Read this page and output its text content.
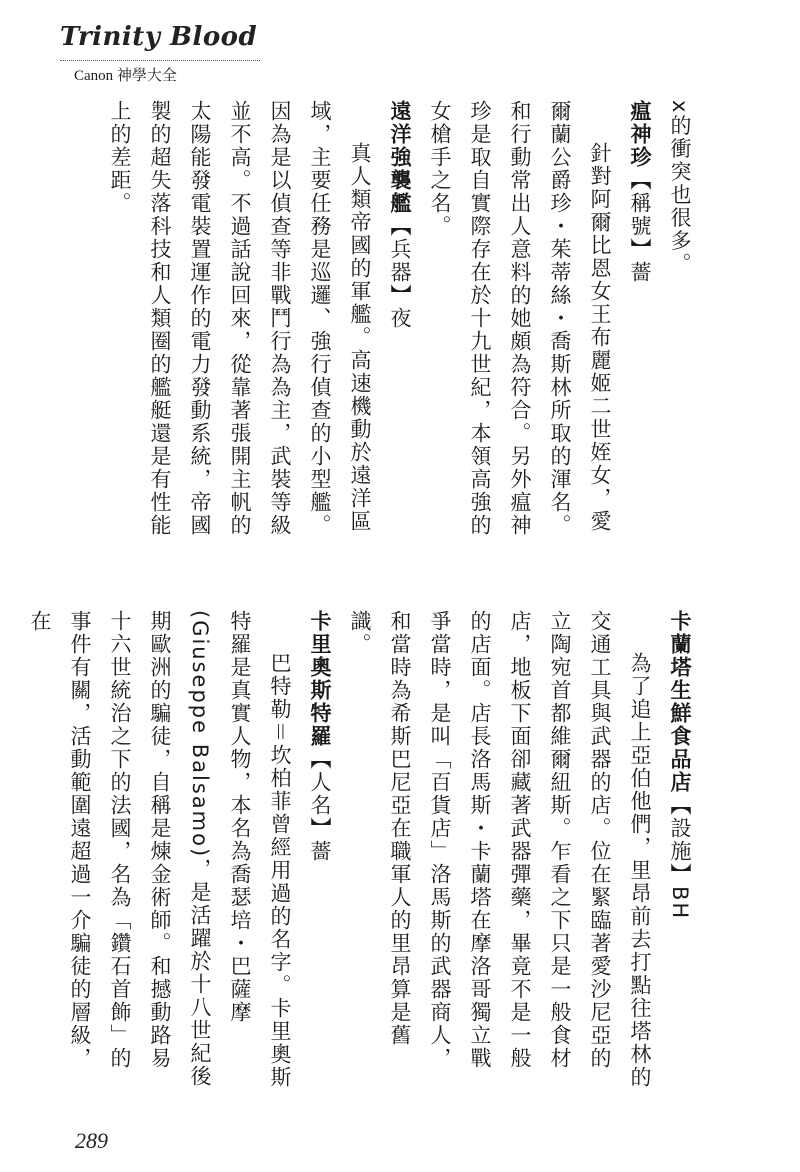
Trinity Blood
Canon 神學大全

x的衝突也很多。

瘟神珍【稱號】薔

針對阿爾比恩女王布麗姬二世姪女，愛爾蘭公爵珍・茱蒂絲・喬斯林所取的渾名。和行動常出人意料的她頗為符合。另外瘟神珍是取自實際存在於十九世紀，本領高強的女槍手之名。

遠洋強襲艦【兵器】夜

真人類帝國的軍艦。高速機動於遠洋區域，主要任務是巡邏、強行偵查的小型艦。因為是以偵查等非戰鬥行為為主，武裝等級並不高。不過話說回來，從靠著張開主帆的太陽能發電裝置運作的電力發動系統，帝國製的超失落科技和人類圈的艦艇還是有性能上的差距。

卡蘭塔生鮮食品店【設施】BH

為了追上亞伯他們，里昂前去打點往塔林的交通工具與武器的店。位在緊臨著愛沙尼亞的立陶宛首都維爾紐斯。乍看之下只是一般食材店，地板下面卻藏著武器彈藥，畢竟不是一般的店面。店長洛馬斯・卡蘭塔在摩洛哥獨立戰爭當時，是叫「百貨店」洛馬斯的武器商人，和當時為希斯巴尼亞在職軍人的里昂算是舊識。

卡里奧斯特羅【人名】薔

巴特勒＝坎柏菲曾經用過的名字。卡里奧斯特羅是真實人物，本名為喬瑟培・巴薩摩(Giuseppe Balsamo)，是活躍於十八世紀後期歐洲的騙徒，自稱是煉金術師。和撼動路易十六世統治之下的法國，名為「鑽石首飾」的事件有關，活動範圍遠超過一介騙徒的層級，在

289
